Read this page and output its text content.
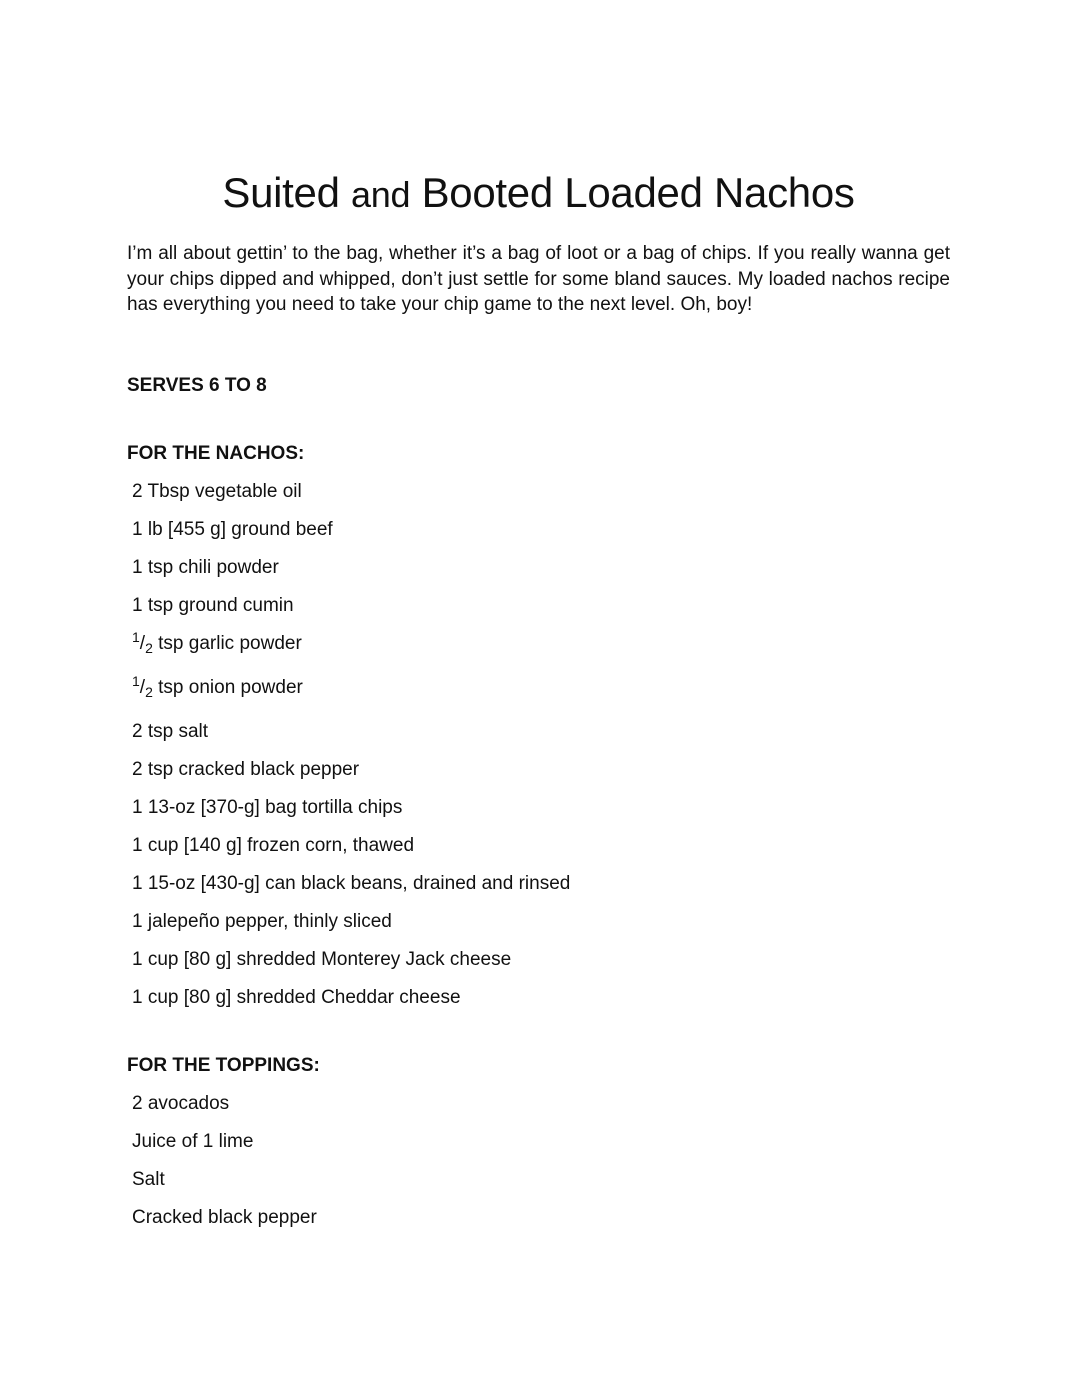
Suited and Booted Loaded Nachos

I’m all about gettin’ to the bag, whether it’s a bag of loot or a bag of chips. If you really wanna get your chips dipped and whipped, don’t just settle for some bland sauces. My loaded nachos recipe has everything you need to take your chip game to the next level. Oh, boy!

SERVES 6 TO 8

FOR THE NACHOS:
2 Tbsp vegetable oil
1 lb [455 g] ground beef
1 tsp chili powder
1 tsp ground cumin
$^1/_2$ tsp garlic powder
$^1/_2$ tsp onion powder
2 tsp salt
2 tsp cracked black pepper
1 13-oz [370-g] bag tortilla chips
1 cup [140 g] frozen corn, thawed
1 15-oz [430-g] can black beans, drained and rinsed
1 jalepeño pepper, thinly sliced
1 cup [80 g] shredded Monterey Jack cheese
1 cup [80 g] shredded Cheddar cheese
FOR THE TOPPINGS:
2 avocados
Juice of 1 lime
Salt
Cracked black pepper
